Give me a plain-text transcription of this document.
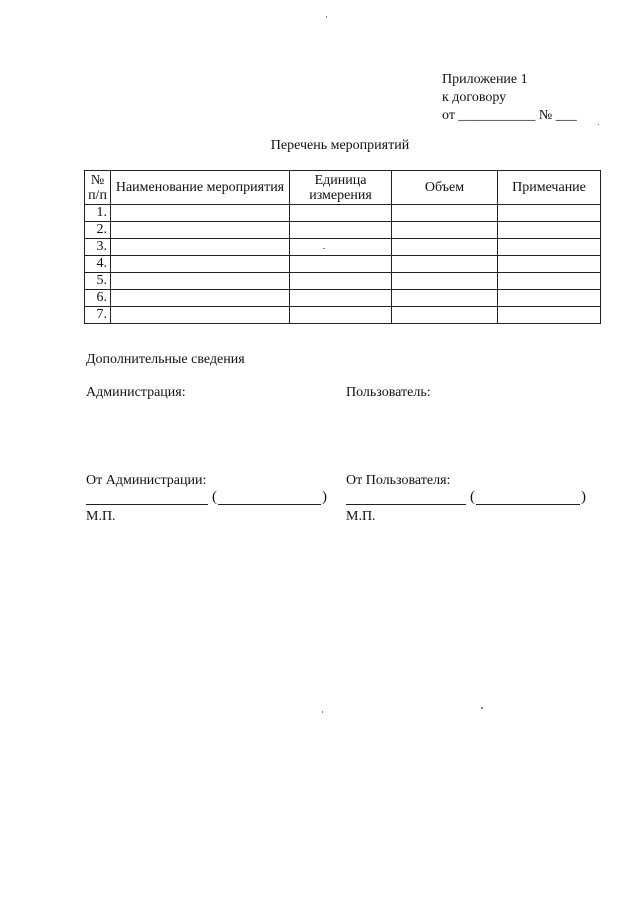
Приложение 1
к договору
от ___________ № ___
Перечень мероприятий
№ п/п	Наименование мероприятия	Единица измерения	Объем	Примечание
1.				
2.				
3.				
4.				
5.				
6.				
7.				
Дополнительные сведения
Администрация:	Пользователь:
От Администрации:	От Пользователя:
(	)	(	)
М.П.	М.П.
